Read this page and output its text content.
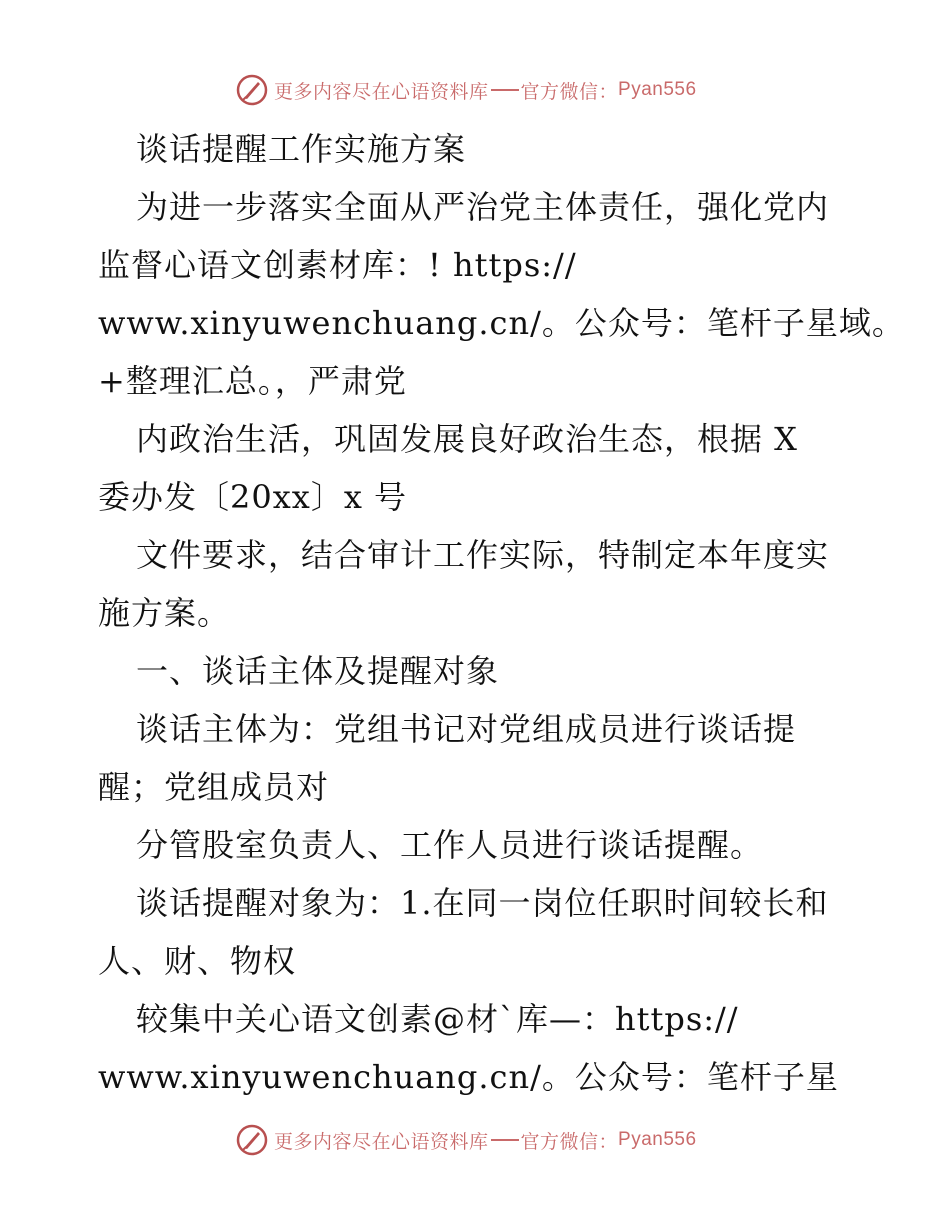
更多内容尽在心语资料库 官方微信： Pyan556
谈话提醒工作实施方案
为进一步落实全面从严治党主体责任，强化党内
监督心语文创素材库：! https://
www.xinyuwenchuang.cn/。公众号：笔杆子星域。
+整理汇总。，严肃党
内政治生活，巩固发展良好政治生态，根据 X
委办发〔20xx〕x 号
文件要求，结合审计工作实际，特制定本年度实
施方案。
一、谈话主体及提醒对象
谈话主体为：党组书记对党组成员进行谈话提
醒；党组成员对
分管股室负责人、工作人员进行谈话提醒。
谈话提醒对象为：1.在同一岗位任职时间较长和
人、财、物权
较集中关心语文创素@材`库—：https://
www.xinyuwenchuang.cn/。公众号：笔杆子星
更多内容尽在心语资料库 官方微信： Pyan556
